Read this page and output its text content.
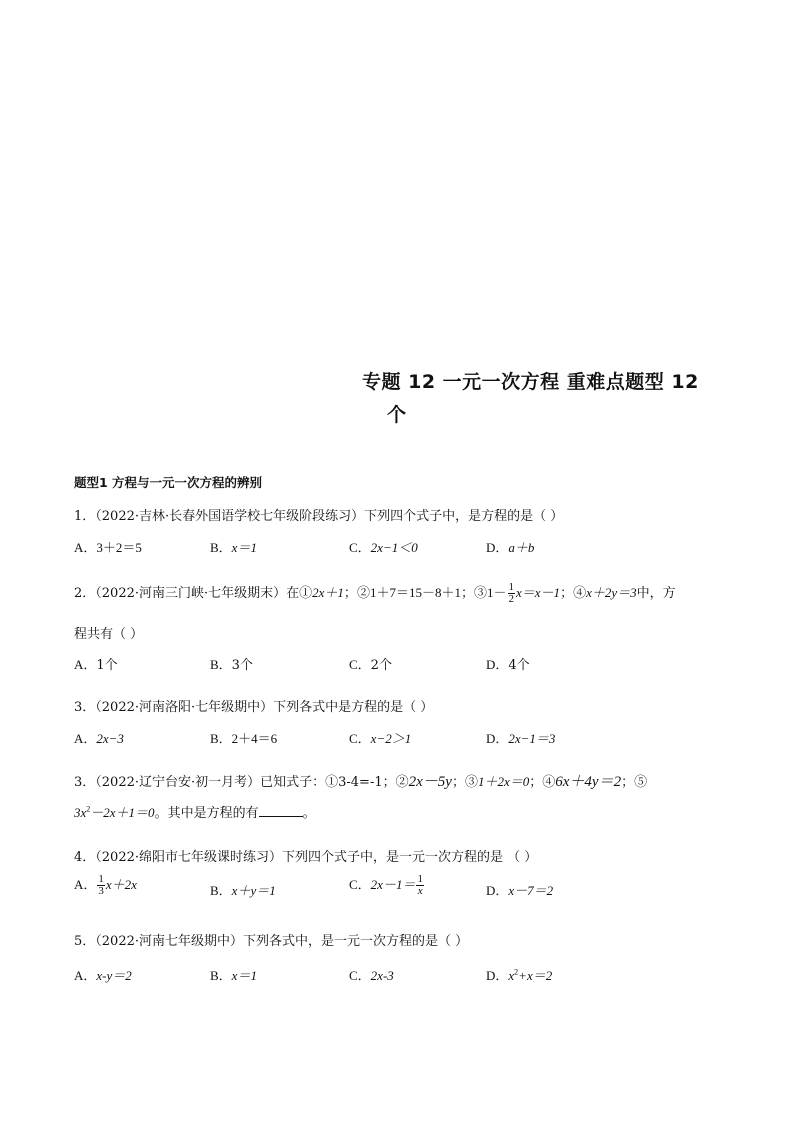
专题 12 一元一次方程 重难点题型 12
个
题型1 方程与一元一次方程的辨别
1．（2022·吉林·长春外国语学校七年级阶段练习）下列四个式子中，是方程的是（ ）
A．3＋2＝5	B．x＝1	C．2x−1＜0	D．a＋b
2．（2022·河南三门峡·七年级期末）在①2x＋1；②1＋7＝15－8＋1；③1－ $\frac{1}{2} x=x-1$；④x＋2y＝3中，方
程共有（ ）
A．1个	B．3个	C．2个	D．4个
3．（2022·河南洛阳·七年级期中）下列各式中是方程的是（ ）
A．2x−3	B．2＋4＝6	C．x−2＞1	D．2x−1＝3
3．（2022·辽宁台安·初一月考）已知式子：①3-4=-1；②2x－5y；③1＋2x＝0；④6x＋4y＝2；⑤
$3x^2-2x+1=0$。其中是方程的有	。
4．（2022·绵阳市七年级课时练习）下列四个式子中，是一元一次方程的是 （ ）
A． $\frac{1}{3} x+2x$	B．x＋y＝1	C．$2x-1= \frac{1}{x}$	D．x－7＝2
5．（2022·河南七年级期中）下列各式中，是一元一次方程的是（ ）
A．x-y＝2	B．x＝1	C．2x-3	D．$x^2+x=2$
